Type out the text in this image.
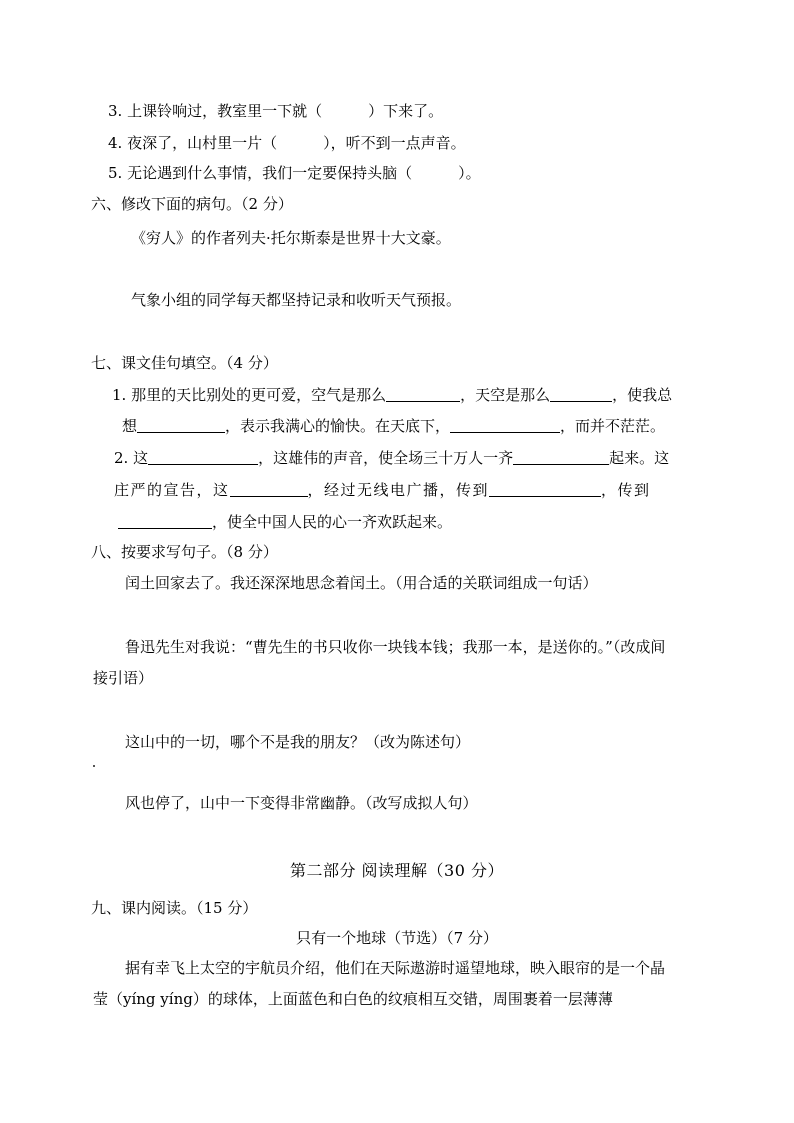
3. 上课铃响过，教室里一下就（	）下来了。
4. 夜深了，山村里一片（	），听不到一点声音。
5. 无论遇到什么事情，我们一定要保持头脑（	）。
六、修改下面的病句。（2 分）
《穷人》的作者列夫·托尔斯泰是世界十大文豪。
气象小组的同学每天都坚持记录和收听天气预报。
七、课文佳句填空。（4 分）
1. 那里的天比别处的更可爱，空气是那么	，天空是那么	，使我总
想	，表示我满心的愉快。在天底下，	，而并不茫茫。
2. 这	，这雄伟的声音，使全场三十万人一齐	起来。这
庄严的宣告，这	，经过无线电广播，传到	，传到
，使全中国人民的心一齐欢跃起来。
八、按要求写句子。（8 分）
闰土回家去了。我还深深地思念着闰土。（用合适的关联词组成一句话）
鲁迅先生对我说：“曹先生的书只收你一块钱本钱；我那一本，是送你的。”（改成间
接引语）
这山中的一切，哪个不是我的朋友？（改为陈述句）
风也停了，山中一下变得非常幽静。（改写成拟人句）
第二部分 阅读理解（30 分）
九、课内阅读。（15 分）
只有一个地球（节选）（7 分）
据有幸飞上太空的宇航员介绍，他们在天际遨游时遥望地球，映入眼帘的是一个晶
莹（yíng yíng）的球体，上面蓝色和白色的纹痕相互交错，周围裹着一层薄薄
